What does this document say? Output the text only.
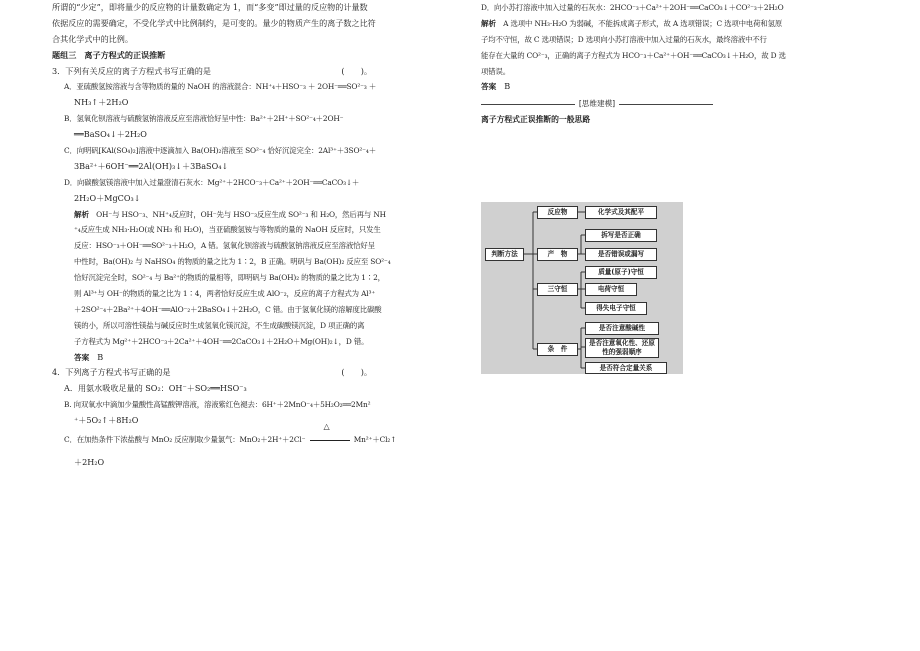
所谓的“少定”，即将量少的反应物的计量数确定为 1，而“多变”即过量的反应物的计量数
依据反应的需要确定，不受化学式中比例制约，是可变的。量少的物质产生的离子数之比符
合其化学式中的比例。
题组三　离子方程式的正误推断
3．下列有关反应的离子方程式书写正确的是	(　　)。
A．亚硫酸氢铵溶液与含等物质的量的 NaOH 的溶液混合：NH⁺₄＋HSO⁻₃ ＋ 2OH⁻══SO²⁻₃ ＋
NH₃↑＋2H₂O
B．氢氧化钡溶液与硫酸氢钠溶液反应至溶液恰好呈中性：Ba²⁺＋2H⁺＋SO²⁻₄＋2OH⁻
══BaSO₄↓＋2H₂O
C．向明矾[KAl(SO₄)₂]溶液中逐滴加入 Ba(OH)₂溶液至 SO²⁻₄ 恰好沉淀完全：2Al³⁺＋3SO²⁻₄＋
3Ba²⁺＋6OH⁻══2Al(OH)₃↓＋3BaSO₄↓
D．向碳酸氢镁溶液中加入过量澄清石灰水：Mg²⁺＋2HCO⁻₃＋Ca²⁺＋2OH⁻══CaCO₃↓＋
2H₂O＋MgCO₃↓
解析　 OH⁻与 HSO⁻₃、NH⁺₄反应时，OH⁻先与 HSO⁻₃反应生成 SO²⁻₃ 和 H₂O，然后再与 NH
⁺₄反应生成 NH₃·H₂O(或 NH₃ 和 H₂O)，当亚硫酸氢铵与等物质的量的 NaOH 反应时，只发生
反应：HSO⁻₃＋OH⁻══SO²⁻₃＋H₂O，A 错。氢氧化钡溶液与硫酸氢钠溶液反应至溶液恰好呈
中性时，Ba(OH)₂ 与 NaHSO₄ 的物质的量之比为 1∶2，B 正确。明矾与 Ba(OH)₂ 反应至 SO²⁻₄
恰好沉淀完全时，SO²⁻₄ 与 Ba²⁺的物质的量相等，即明矾与 Ba(OH)₂ 的物质的量之比为 1∶2，
则 Al³⁺与 OH⁻的物质的量之比为 1∶4，两者恰好反应生成 AlO⁻₂，反应的离子方程式为 Al³⁺
＋2SO²⁻₄＋2Ba²⁺＋4OH⁻══AlO⁻₂＋2BaSO₄↓＋2H₂O，C 错。由于氢氧化镁的溶解度比碳酸
镁的小，所以可溶性镁盐与碱反应时生成氢氧化镁沉淀，不生成碳酸镁沉淀，D 项正确的离
子方程式为 Mg²⁺＋2HCO⁻₃＋2Ca²⁺＋4OH⁻══2CaCO₃↓＋2H₂O＋Mg(OH)₂↓，D 错。
答案　 B
4．下列离子方程式书写正确的是	(　　)。
A．用氨水吸收足量的 SO₂：OH⁻＋SO₂══HSO⁻₃
B. 向双氧水中滴加少量酸性高锰酸钾溶液，溶液紫红色褪去：6H⁺＋2MnO⁻₄＋5H₂O₂══2Mn²
⁺＋5O₂↑＋8H₂O
C．在加热条件下浓盐酸与 MnO₂ 反应制取少量氯气：MnO₂＋2H⁺＋2Cl⁻
△
Mn²⁺＋Cl₂↑
＋2H₂O
D．向小苏打溶液中加入过量的石灰水：2HCO⁻₃＋Ca²⁺＋2OH⁻══CaCO₃↓＋CO²⁻₃＋2H₂O
解析　 A 选项中 NH₃·H₂O 为弱碱，不能拆成离子形式，故 A 选项错误；C 选项中电荷和氢原
子均不守恒，故 C 选项错误；D 选项向小苏打溶液中加入过量的石灰水，最终溶液中不行
能存在大量的 CO²⁻₃，正确的离子方程式为 HCO⁻₃＋Ca²⁺＋OH⁻══CaCO₃↓＋H₂O，故 D 选
项错误。
答案　 B
[思维建模]
离子方程式正误推断的一般思路
判断方法
反应物
产　物
三守恒
条　件
化学式及其配平
拆写是否正确
是否错误或漏写
质量(原子)守恒
电荷守恒
得失电子守恒
是否注意酸碱性
是否注意氧化性、还原性的强弱顺序
是否符合定量关系
